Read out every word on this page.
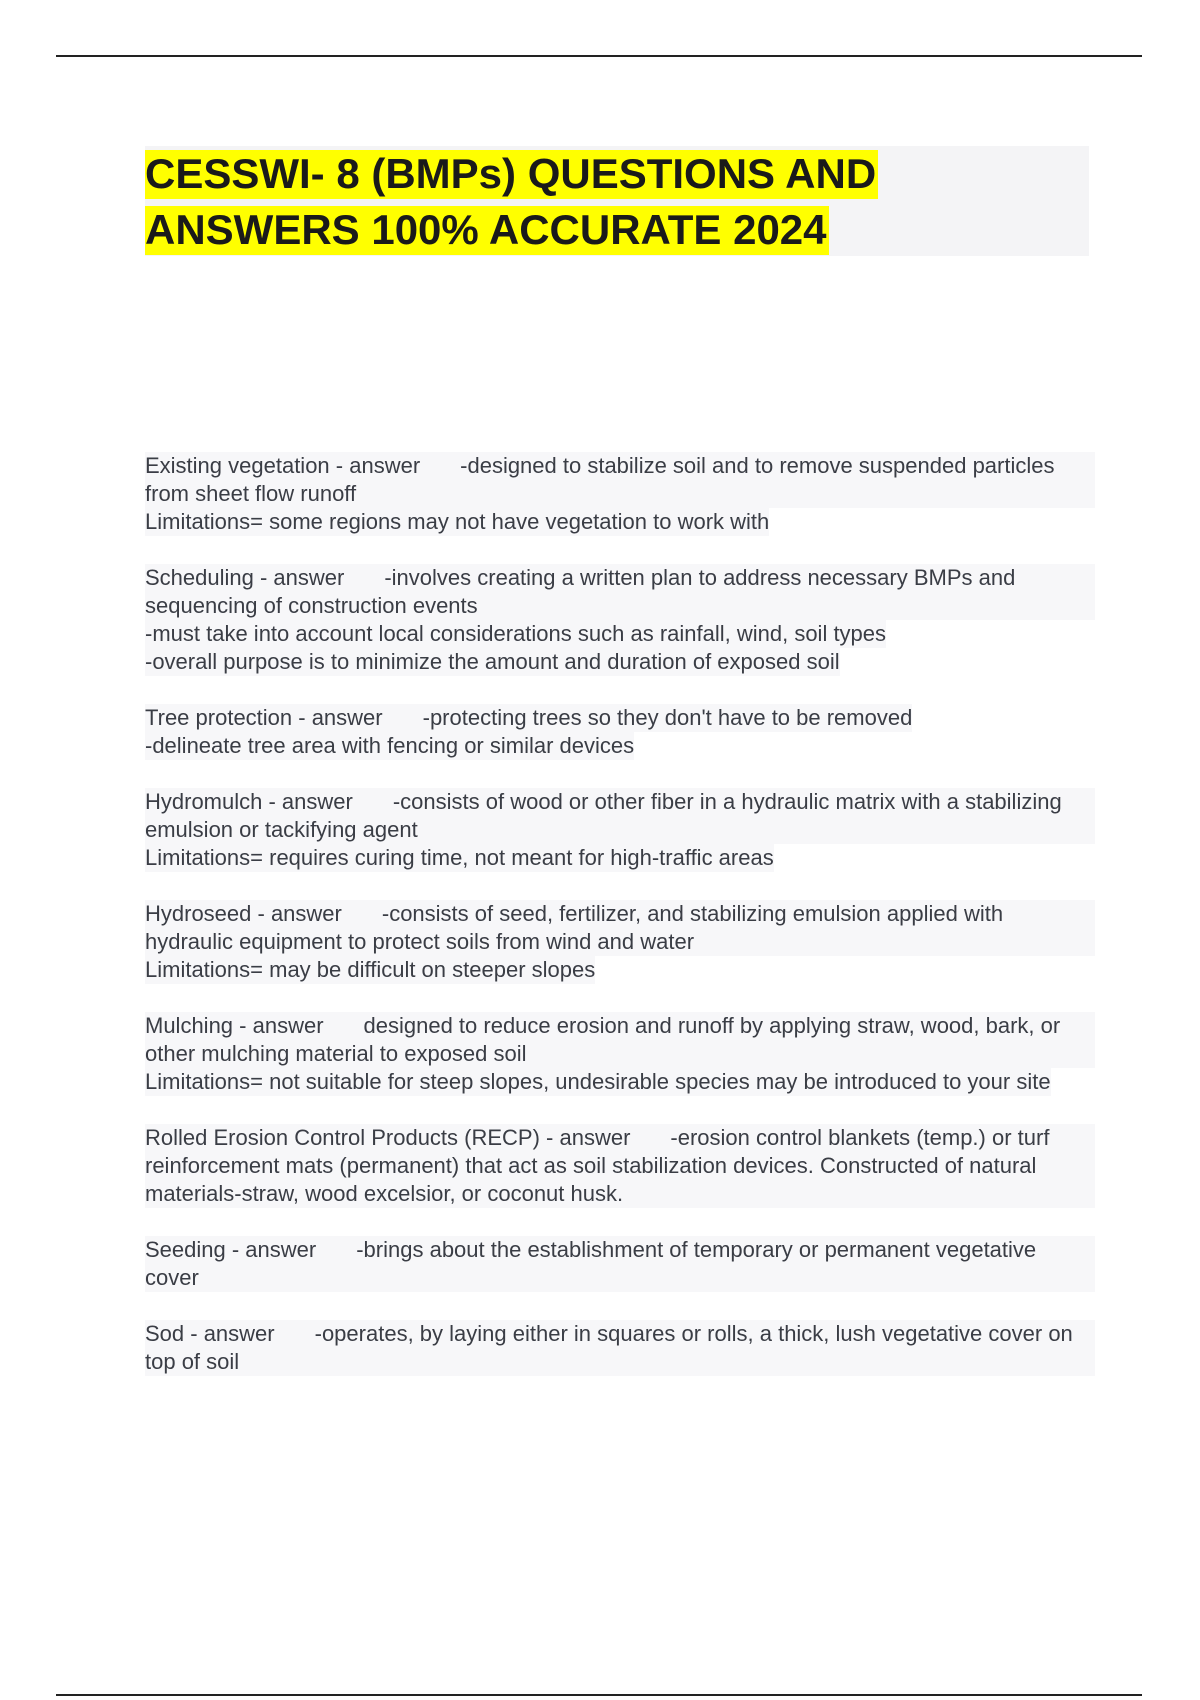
CESSWI- 8 (BMPs) QUESTIONS AND
ANSWERS 100% ACCURATE 2024
Existing vegetation - answer -designed to stabilize soil and to remove suspended particles from sheet flow runoff
Limitations= some regions may not have vegetation to work with
Scheduling - answer -involves creating a written plan to address necessary BMPs and sequencing of construction events
-must take into account local considerations such as rainfall, wind, soil types
-overall purpose is to minimize the amount and duration of exposed soil
Tree protection - answer -protecting trees so they don't have to be removed
-delineate tree area with fencing or similar devices
Hydromulch - answer -consists of wood or other fiber in a hydraulic matrix with a stabilizing emulsion or tackifying agent
Limitations= requires curing time, not meant for high-traffic areas
Hydroseed - answer -consists of seed, fertilizer, and stabilizing emulsion applied with hydraulic equipment to protect soils from wind and water
Limitations= may be difficult on steeper slopes
Mulching - answer designed to reduce erosion and runoff by applying straw, wood, bark, or other mulching material to exposed soil
Limitations= not suitable for steep slopes, undesirable species may be introduced to your site
Rolled Erosion Control Products (RECP) - answer -erosion control blankets (temp.) or turf reinforcement mats (permanent) that act as soil stabilization devices. Constructed of natural materials-straw, wood excelsior, or coconut husk.
Seeding - answer -brings about the establishment of temporary or permanent vegetative cover
Sod - answer -operates, by laying either in squares or rolls, a thick, lush vegetative cover on top of soil
